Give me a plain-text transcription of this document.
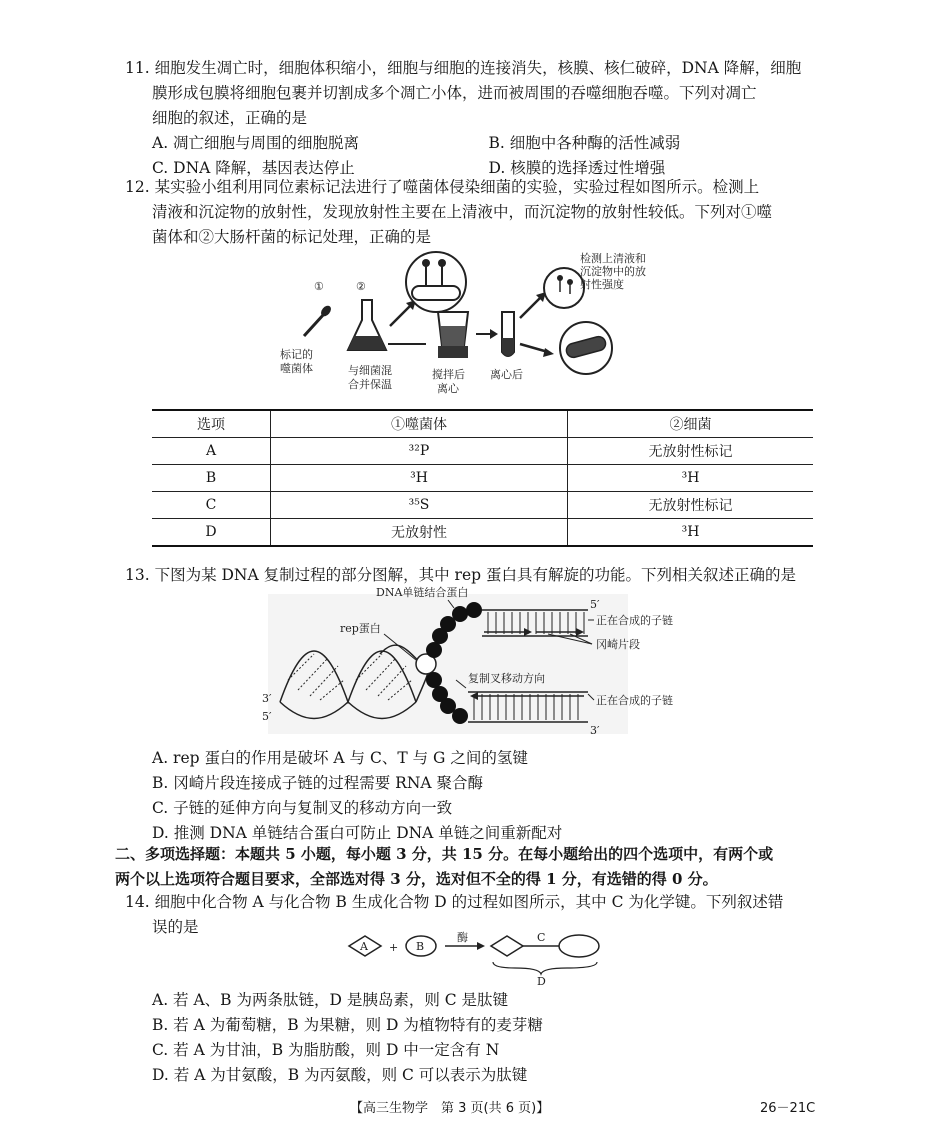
11. 细胞发生凋亡时，细胞体积缩小，细胞与细胞的连接消失，核膜、核仁破碎，DNA 降解，细胞

膜形成包膜将细胞包裹并切割成多个凋亡小体，进而被周围的吞噬细胞吞噬。下列对凋亡

细胞的叙述，正确的是

A. 凋亡细胞与周围的细胞脱离	B. 细胞中各种酶的活性减弱
C. DNA 降解，基因表达停止	D. 核膜的选择透过性增强

12. 某实验小组利用同位素标记法进行了噬菌体侵染细菌的实验，实验过程如图所示。检测上

清液和沉淀物的放射性，发现放射性主要在上清液中，而沉淀物的放射性较低。下列对①噬

菌体和②大肠杆菌的标记处理，正确的是

①	②
标记的
噬菌体	与细菌混
合并保温
搅拌后
离心
离心后
检测上清液和
沉淀物中的放
射性强度
选项	①噬菌体	②细菌
A	³²P	无放射性标记
B	³H	³H
C	³⁵S	无放射性标记
D	无放射性	³H

13. 下图为某 DNA 复制过程的部分图解，其中 rep 蛋白具有解旋的功能。下列相关叙述正确的是

DNA单链结合蛋白
rep蛋白
正在合成的子链
冈崎片段
复制叉移动方向
正在合成的子链
5′
3′
5′
3′

A. rep 蛋白的作用是破坏 A 与 C、T 与 G 之间的氢键

B. 冈崎片段连接成子链的过程需要 RNA 聚合酶

C. 子链的延伸方向与复制叉的移动方向一致

D. 推测 DNA 单链结合蛋白可防止 DNA 单链之间重新配对

二、多项选择题：本题共 5 小题，每小题 3 分，共 15 分。在每小题给出的四个选项中，有两个或

两个以上选项符合题目要求，全部选对得 3 分，选对但不全的得 1 分，有选错的得 0 分。

14. 细胞中化合物 A 与化合物 B 生成化合物 D 的过程如图所示，其中 C 为化学键。下列叙述错

误的是

A + B
酶	C
D

A. 若 A、B 为两条肽链，D 是胰岛素，则 C 是肽键

B. 若 A 为葡萄糖，B 为果糖，则 D 为植物特有的麦芽糖

C. 若 A 为甘油，B 为脂肪酸，则 D 中一定含有 N

D. 若 A 为甘氨酸，B 为丙氨酸，则 C 可以表示为肽键

【高三生物学　第 3 页(共 6 页)】	26－21C
